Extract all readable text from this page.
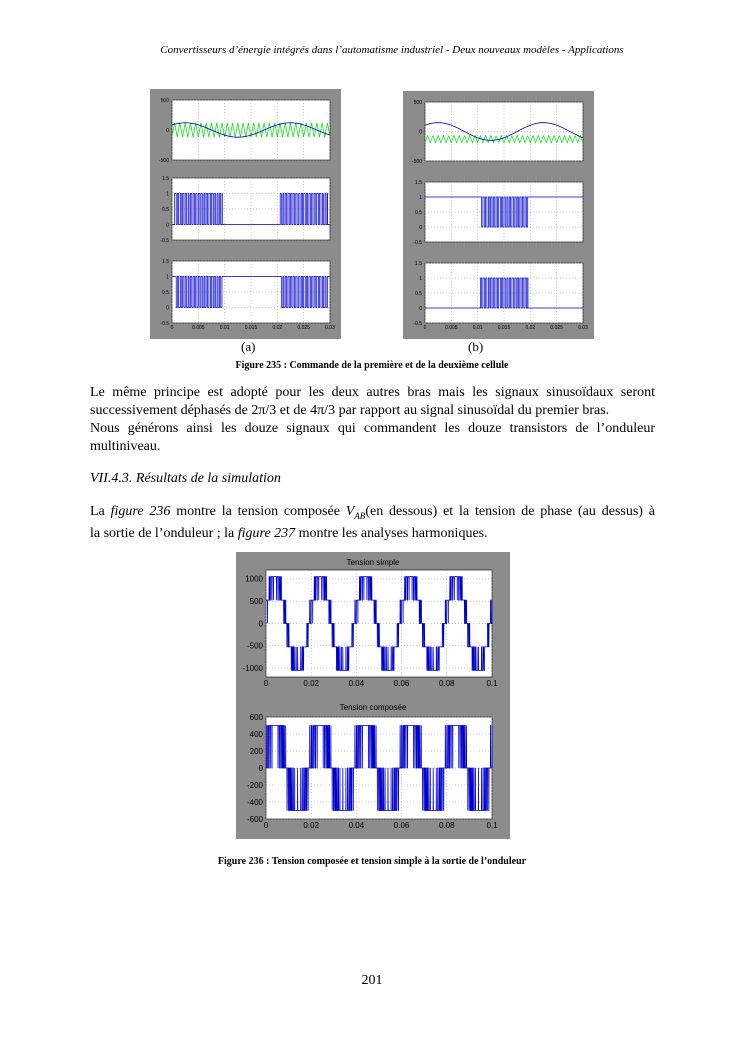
Convertisseurs d’énergie intégrés dans l’automatisme industriel - Deux nouveaux modèles - Applications
500
0
-500
1.5
1
0.5
0
-0.5
1.5
1
0.5
0
-0.5
0	0.005	0.01	0.015	0.02	0.025	0.03
500
0
-500
1.5
1
0.5
0
-0.5
1.5
1
0.5
0
-0.5
0	0.005	0.01	0.015	0.02	0.025	0.03
(a)	(b)
Figure 235 : Commande de la première et de la deuxième cellule
Le même principe est adopté pour les deux autres bras mais les signaux sinusoïdaux seront
successivement déphasés de 2π/3 et de 4π/3 par rapport au signal sinusoïdal du premier bras.
Nous générons ainsi les douze signaux qui commandent les douze transistors de l’onduleur
multiniveau.
VII.4.3. Résultats de la simulation
La figure 236 montre la tension composée $V_{AB}(en$ dessous) et la tension de phase (au dessus) à
la sortie de l’onduleur ; la figure 237 montre les analyses harmoniques.
Tension simple
1000
500
0
-500
-1000
0	0.02	0.04	0.06	0.08	0.1
Tension composée
600
400
200
0
-200
-400
-600
0	0.02	0.04	0.06	0.08	0.1
Figure 236 : Tension composée et tension simple à la sortie de l’onduleur
201
